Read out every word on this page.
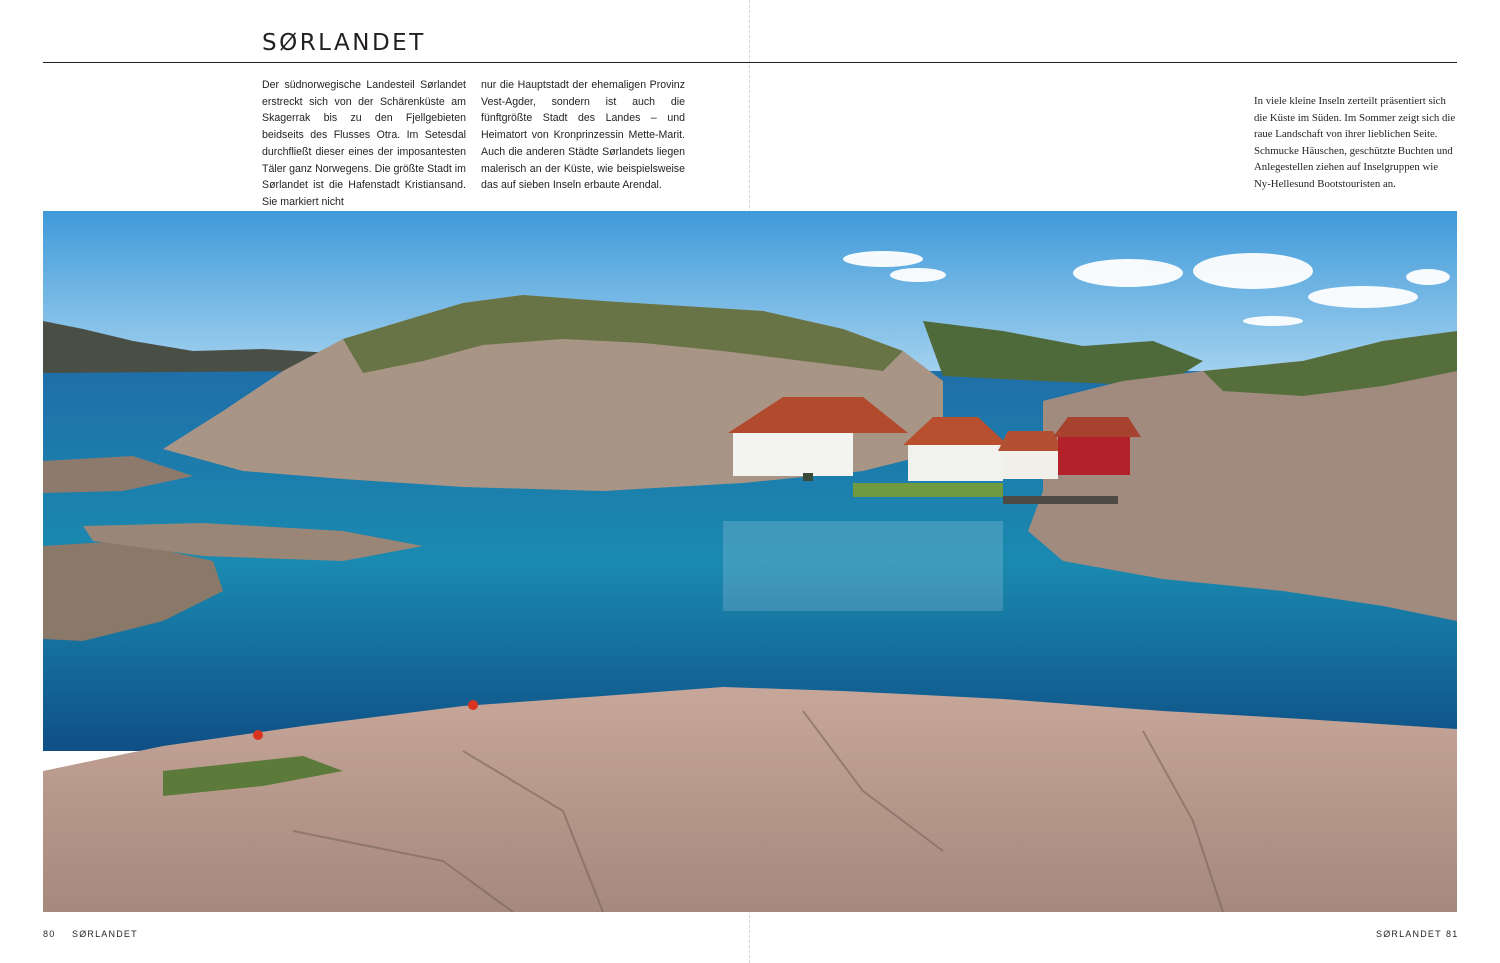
SØRLANDET
Der südnorwegische Landesteil Sørlandet erstreckt sich von der Schärenküste am Skagerrak bis zu den Fjellgebieten beidseits des Flusses Otra. Im Setesdal durchfließt dieser eines der imposantesten Täler ganz Norwegens. Die größte Stadt im Sørlandet ist die Hafenstadt Kristiansand. Sie markiert nicht
nur die Hauptstadt der ehemaligen Provinz Vest-Agder, sondern ist auch die fünftgrößte Stadt des Landes – und Heimatort von Kronprinzessin Mette-Marit. Auch die anderen Städte Sørlandets liegen malerisch an der Küste, wie beispielsweise das auf sieben Inseln erbaute Arendal.
In viele kleine Inseln zerteilt präsentiert sich die Küste im Süden. Im Sommer zeigt sich die raue Landschaft von ihrer lieblichen Seite. Schmucke Häuschen, geschützte Buchten und Anlegestellen ziehen auf Inselgruppen wie Ny-Hellesund Bootstouristen an.
80 SØRLANDET	SØRLANDET 81
